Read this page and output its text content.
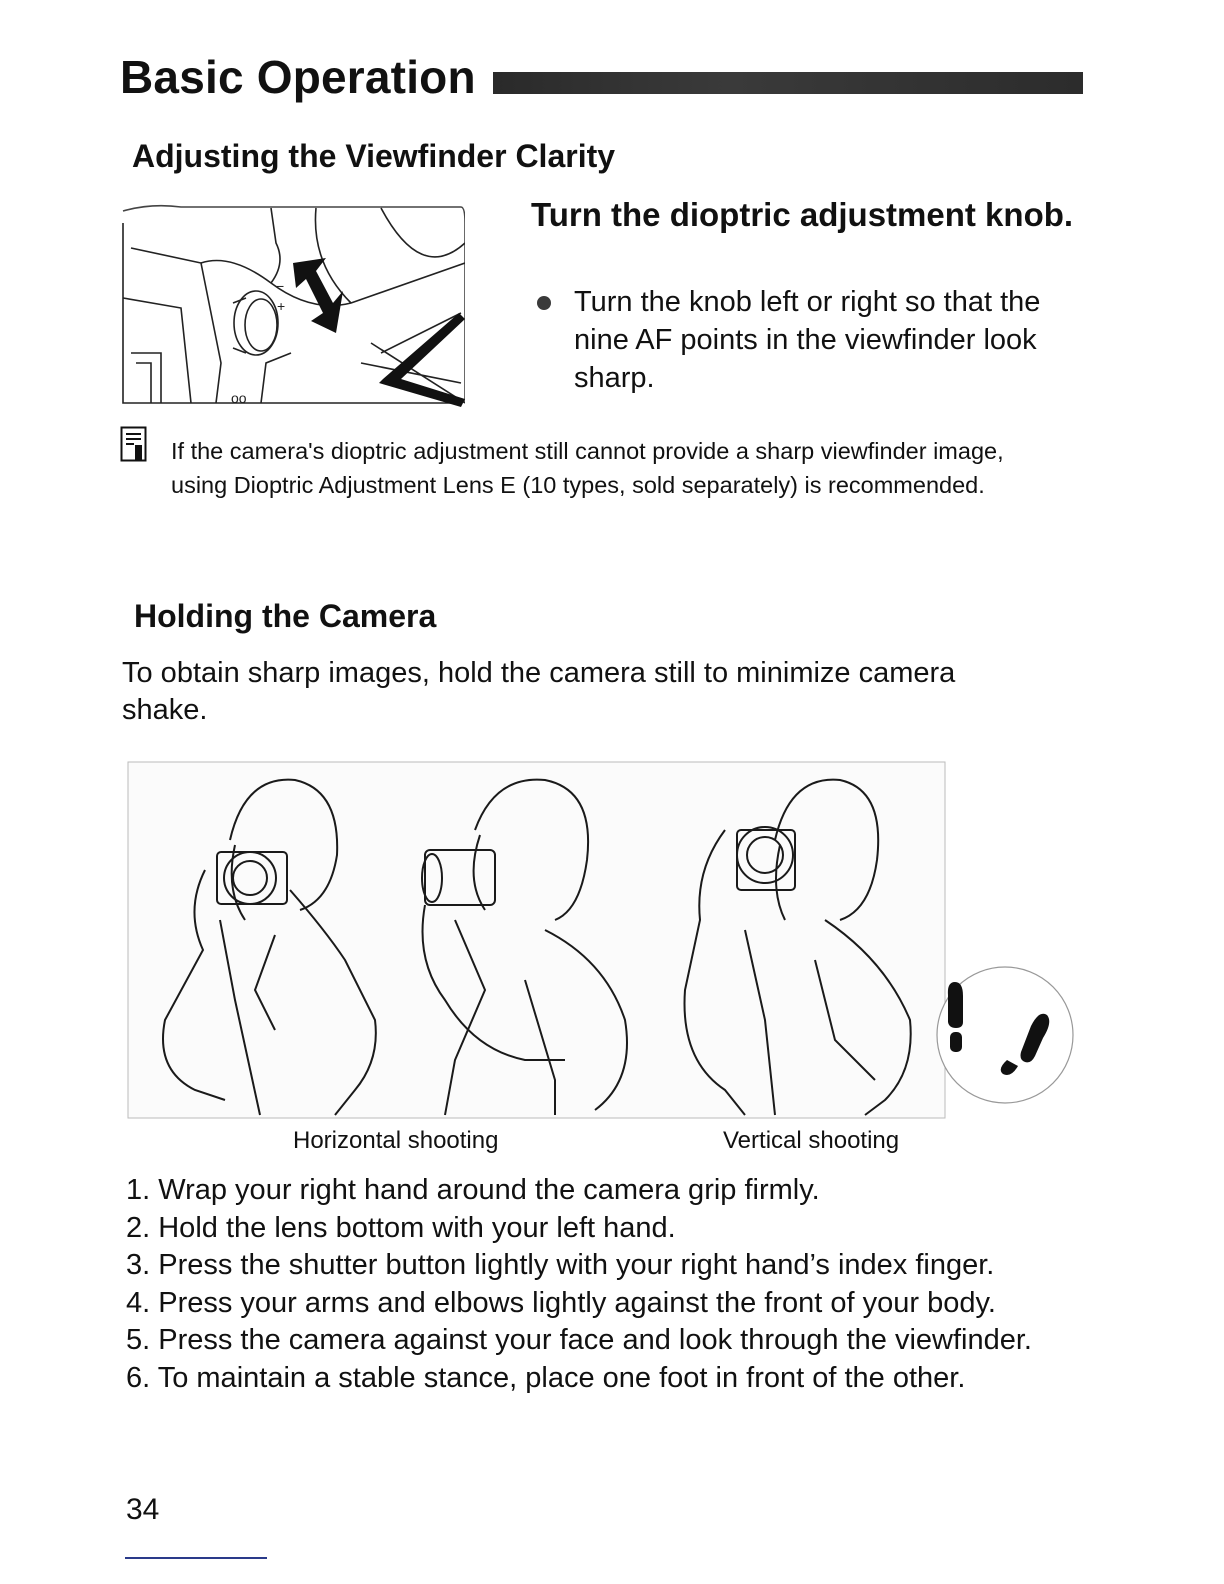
Basic Operation
Adjusting the Viewfinder Clarity
oo
−
+
Turn the dioptric adjustment knob.
Turn the knob left or right so that the nine AF points in the viewfinder look sharp.
If the camera's dioptric adjustment still cannot provide a sharp viewfinder image, using Dioptric Adjustment Lens E (10 types, sold separately) is recommended.
Holding the Camera
To obtain sharp images, hold the camera still to minimize camera shake.
Horizontal shooting	Vertical shooting
1. Wrap your right hand around the camera grip firmly.
2. Hold the lens bottom with your left hand.
3. Press the shutter button lightly with your right hand’s index finger.
4. Press your arms and elbows lightly against the front of your body.
5. Press the camera against your face and look through the viewfinder.
6. To maintain a stable stance, place one foot in front of the other.
34
